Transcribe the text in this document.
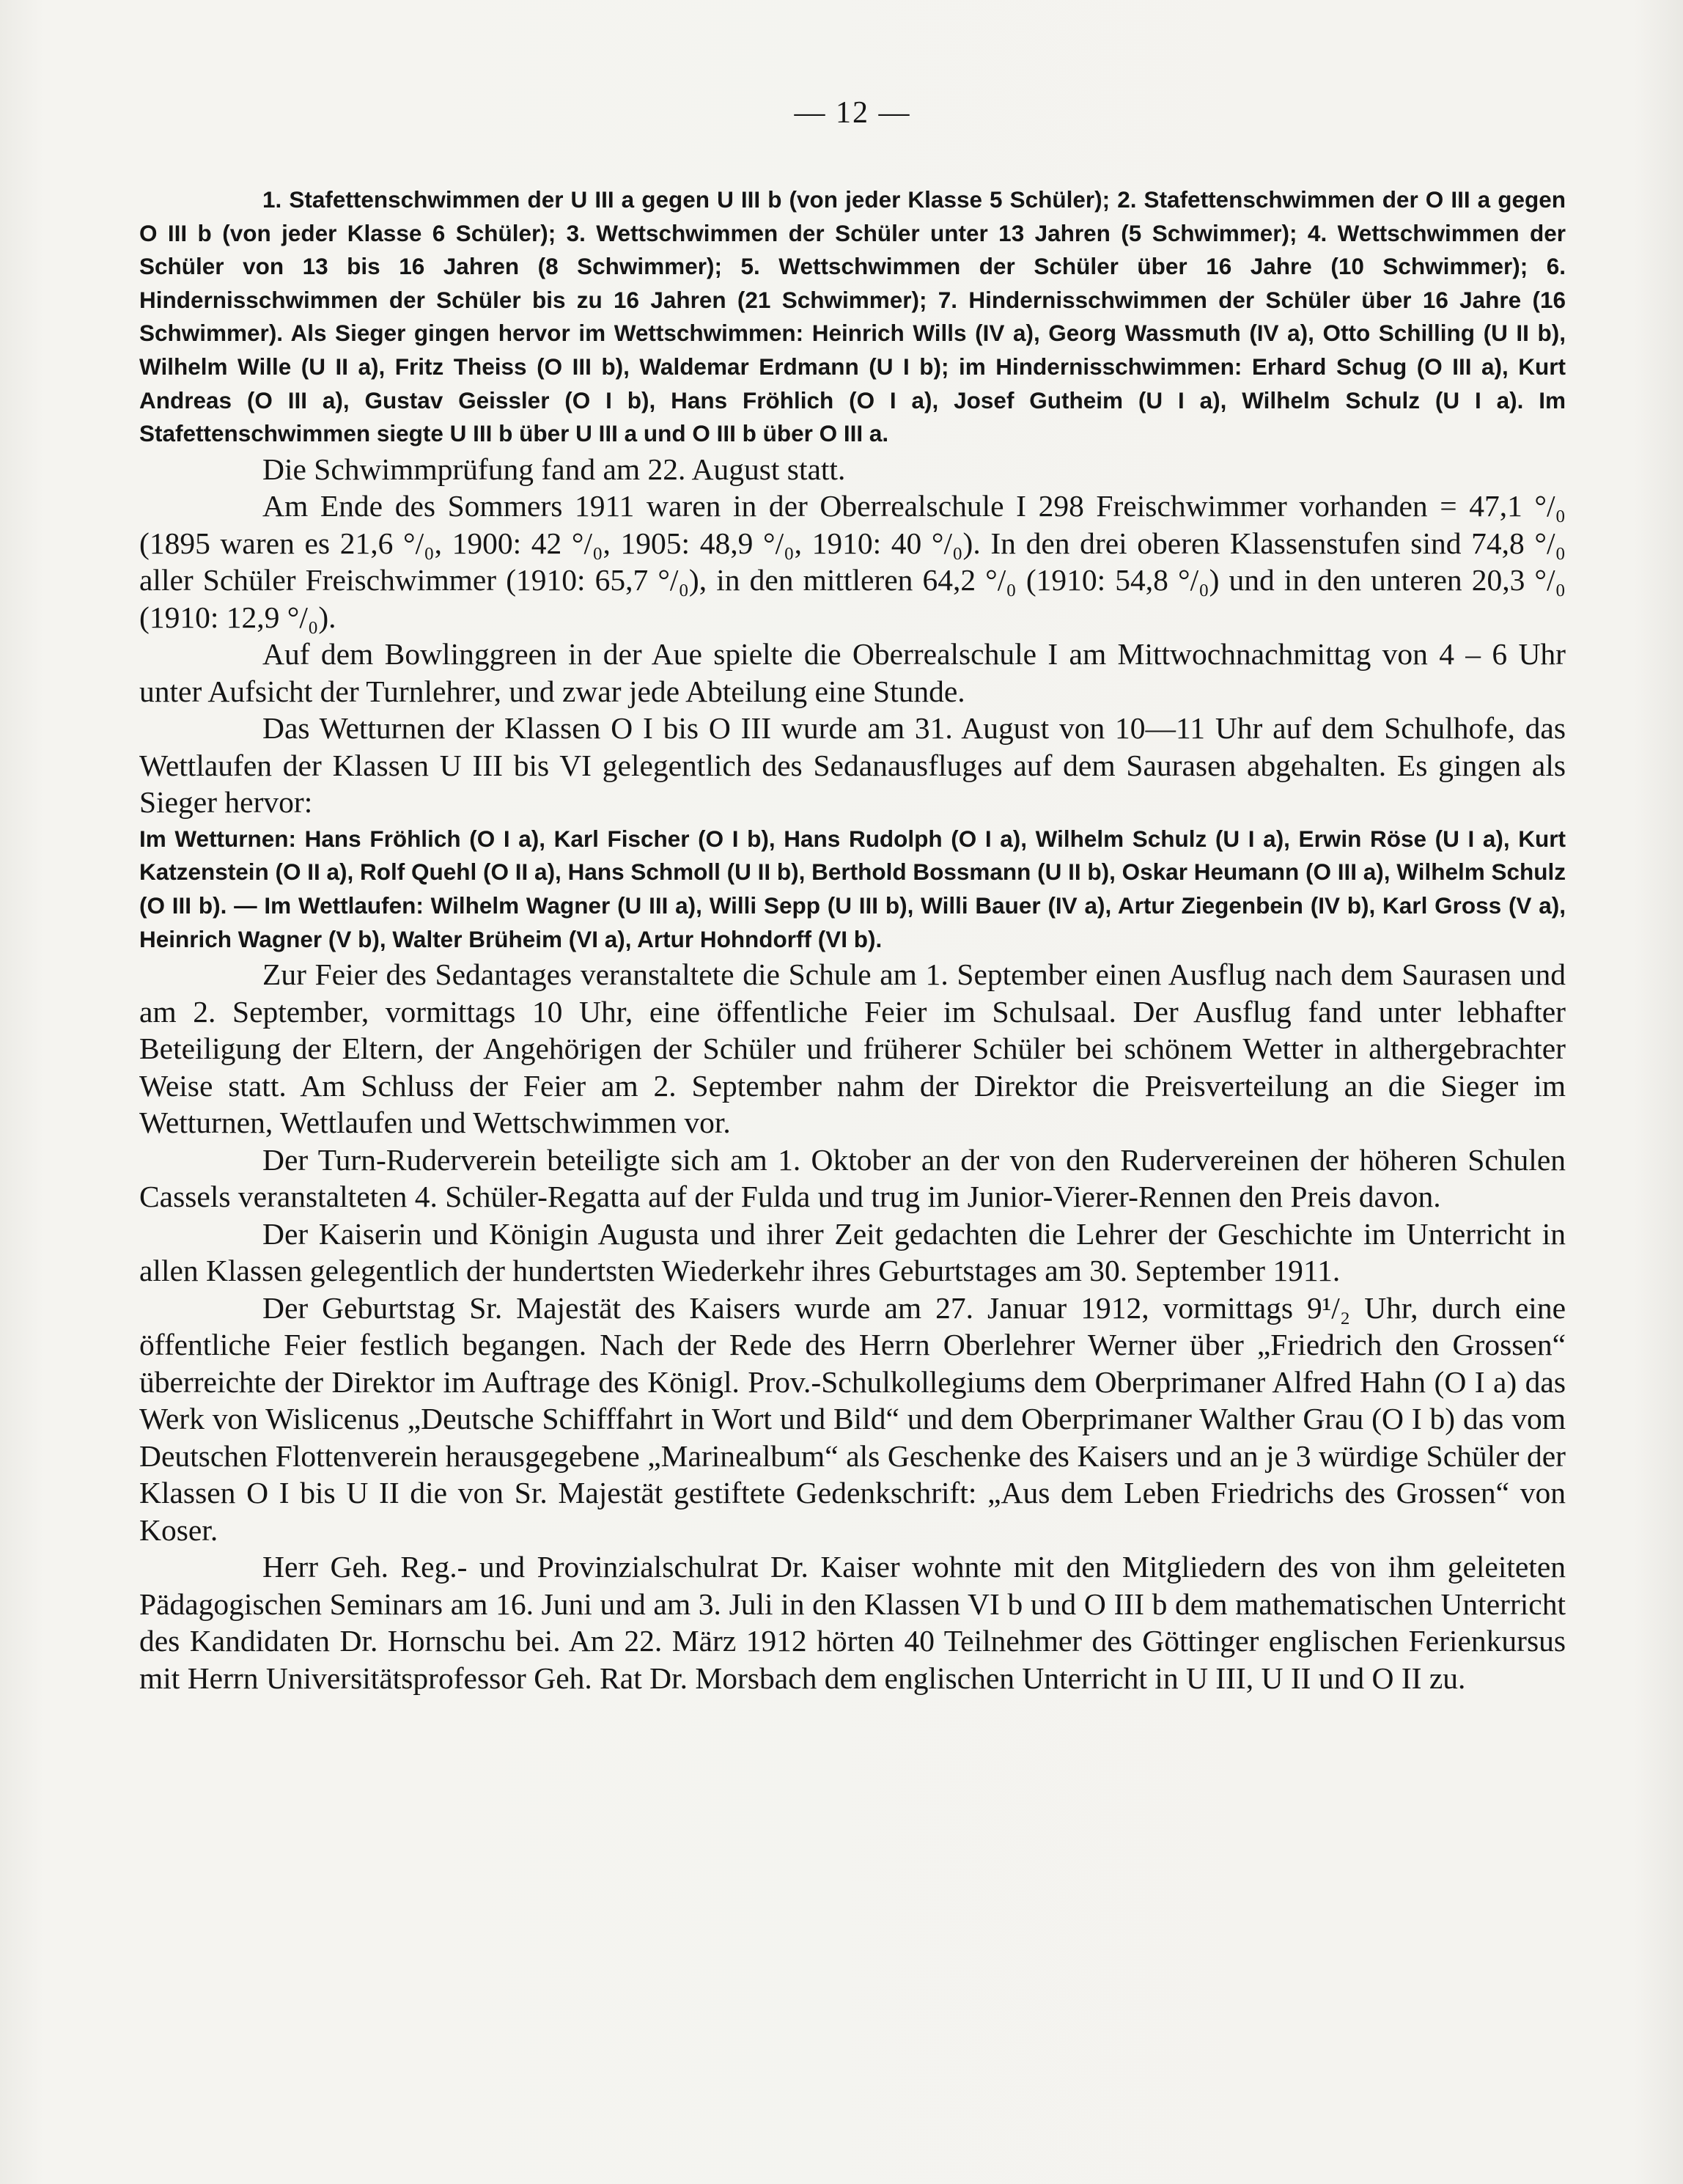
— 12 —

1. Stafettenschwimmen der U III a gegen U III b (von jeder Klasse 5 Schüler); 2. Stafettenschwimmen der O III a gegen O III b (von jeder Klasse 6 Schüler); 3. Wettschwimmen der Schüler unter 13 Jahren (5 Schwimmer); 4. Wettschwimmen der Schüler von 13 bis 16 Jahren (8 Schwimmer); 5. Wettschwimmen der Schüler über 16 Jahre (10 Schwimmer); 6. Hindernisschwimmen der Schüler bis zu 16 Jahren (21 Schwimmer); 7. Hindernisschwimmen der Schüler über 16 Jahre (16 Schwimmer). Als Sieger gingen hervor im Wettschwimmen: Heinrich Wills (IV a), Georg Wassmuth (IV a), Otto Schilling (U II b), Wilhelm Wille (U II a), Fritz Theiss (O III b), Waldemar Erdmann (U I b); im Hindernisschwimmen: Erhard Schug (O III a), Kurt Andreas (O III a), Gustav Geissler (O I b), Hans Fröhlich (O I a), Josef Gutheim (U I a), Wilhelm Schulz (U I a). Im Stafettenschwimmen siegte U III b über U III a und O III b über O III a.

Die Schwimmprüfung fand am 22. August statt.

Am Ende des Sommers 1911 waren in der Oberrealschule I 298 Freischwimmer vorhanden = 47,1 °/₀ (1895 waren es 21,6 °/₀, 1900: 42 °/₀, 1905: 48,9 °/₀, 1910: 40 °/₀). In den drei oberen Klassenstufen sind 74,8 °/₀ aller Schüler Freischwimmer (1910: 65,7 °/₀), in den mittleren 64,2 °/₀ (1910: 54,8 °/₀) und in den unteren 20,3 °/₀ (1910: 12,9 °/₀).

Auf dem Bowlinggreen in der Aue spielte die Oberrealschule I am Mittwochnachmittag von 4 – 6 Uhr unter Aufsicht der Turnlehrer, und zwar jede Abteilung eine Stunde.

Das Wetturnen der Klassen O I bis O III wurde am 31. August von 10—11 Uhr auf dem Schulhofe, das Wettlaufen der Klassen U III bis VI gelegentlich des Sedanausfluges auf dem Saurasen abgehalten. Es gingen als Sieger hervor:

Im Wetturnen: Hans Fröhlich (O I a), Karl Fischer (O I b), Hans Rudolph (O I a), Wilhelm Schulz (U I a), Erwin Röse (U I a), Kurt Katzenstein (O II a), Rolf Quehl (O II a), Hans Schmoll (U II b), Berthold Bossmann (U II b), Oskar Heumann (O III a), Wilhelm Schulz (O III b). — Im Wettlaufen: Wilhelm Wagner (U III a), Willi Sepp (U III b), Willi Bauer (IV a), Artur Ziegenbein (IV b), Karl Gross (V a), Heinrich Wagner (V b), Walter Brüheim (VI a), Artur Hohndorff (VI b).

Zur Feier des Sedantages veranstaltete die Schule am 1. September einen Ausflug nach dem Saurasen und am 2. September, vormittags 10 Uhr, eine öffentliche Feier im Schulsaal. Der Ausflug fand unter lebhafter Beteiligung der Eltern, der Angehörigen der Schüler und früherer Schüler bei schönem Wetter in althergebrachter Weise statt. Am Schluss der Feier am 2. September nahm der Direktor die Preisverteilung an die Sieger im Wetturnen, Wettlaufen und Wettschwimmen vor.

Der Turn-Ruderverein beteiligte sich am 1. Oktober an der von den Rudervereinen der höheren Schulen Cassels veranstalteten 4. Schüler-Regatta auf der Fulda und trug im Junior-Vierer-Rennen den Preis davon.

Der Kaiserin und Königin Augusta und ihrer Zeit gedachten die Lehrer der Geschichte im Unterricht in allen Klassen gelegentlich der hundertsten Wiederkehr ihres Geburtstages am 30. September 1911.

Der Geburtstag Sr. Majestät des Kaisers wurde am 27. Januar 1912, vormittags 9¹/₂ Uhr, durch eine öffentliche Feier festlich begangen. Nach der Rede des Herrn Oberlehrer Werner über „Friedrich den Grossen“ überreichte der Direktor im Auftrage des Königl. Prov.-Schulkollegiums dem Oberprimaner Alfred Hahn (O I a) das Werk von Wislicenus „Deutsche Schifffahrt in Wort und Bild“ und dem Oberprimaner Walther Grau (O I b) das vom Deutschen Flottenverein herausgegebene „Marinealbum“ als Geschenke des Kaisers und an je 3 würdige Schüler der Klassen O I bis U II die von Sr. Majestät gestiftete Gedenkschrift: „Aus dem Leben Friedrichs des Grossen“ von Koser.

Herr Geh. Reg.- und Provinzialschulrat Dr. Kaiser wohnte mit den Mitgliedern des von ihm geleiteten Pädagogischen Seminars am 16. Juni und am 3. Juli in den Klassen VI b und O III b dem mathematischen Unterricht des Kandidaten Dr. Hornschu bei. Am 22. März 1912 hörten 40 Teilnehmer des Göttinger englischen Ferienkursus mit Herrn Universitätsprofessor Geh. Rat Dr. Morsbach dem englischen Unterricht in U III, U II und O II zu.
